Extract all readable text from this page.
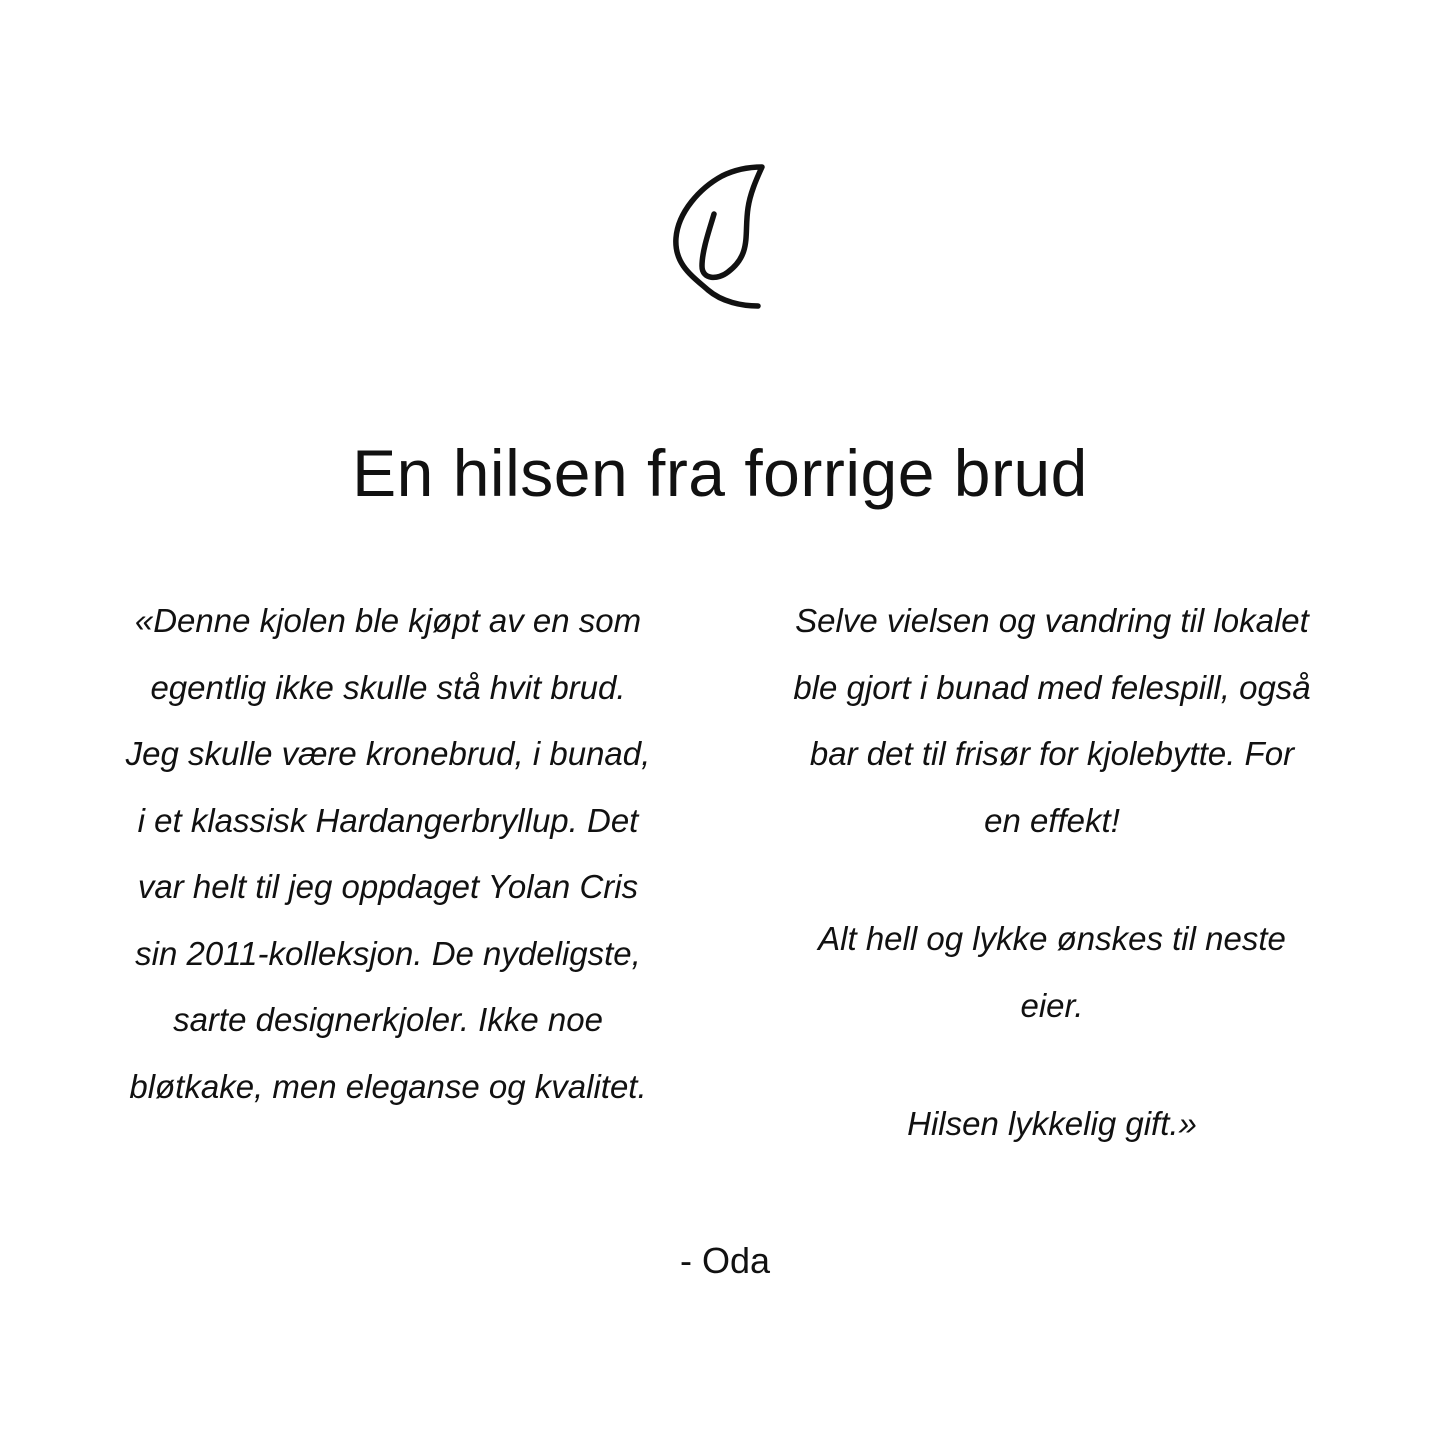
En hilsen fra forrige brud
«Denne kjolen ble kjøpt av en som
egentlig ikke skulle stå hvit brud.
Jeg skulle være kronebrud, i bunad,
i et klassisk Hardangerbryllup. Det
var helt til jeg oppdaget Yolan Cris
sin 2011-kolleksjon. De nydeligste,
sarte designerkjoler. Ikke noe
bløtkake, men eleganse og kvalitet.
Selve vielsen og vandring til lokalet
ble gjort i bunad med felespill, også
bar det til frisør for kjolebytte. For
en effekt!
Alt hell og lykke ønskes til neste
eier.
Hilsen lykkelig gift.»
- Oda
